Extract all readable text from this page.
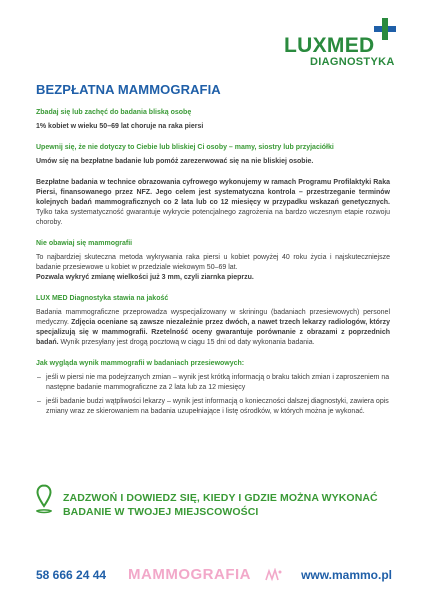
LUXMED
DIAGNOSTYKA
BEZPŁATNA MAMMOGRAFIA
Zbadaj się lub zachęć do badania bliską osobę

1% kobiet w wieku 50–69 lat choruje na raka piersi

Upewnij się, że nie dotyczy to Ciebie lub bliskiej Ci osoby – mamy, siostry lub przyjaciółki

Umów się na bezpłatne badanie lub pomóż zarezerwować się na nie bliskiej osobie.

Bezpłatne badania w technice obrazowania cyfrowego wykonujemy w ramach Programu Profilaktyki Raka Piersi, finansowanego przez NFZ. Jego celem jest systematyczna kontrola – przestrzeganie terminów kolejnych badań mammograficznych co 2 lata lub co 12 miesięcy w przypadku wskazań genetycznych. Tylko taka systematyczność gwarantuje wykrycie potencjalnego zagrożenia na bardzo wczesnym etapie rozwoju choroby.

Nie obawiaj się mammografii

To najbardziej skuteczna metoda wykrywania raka piersi u kobiet powyżej 40 roku życia i najskuteczniejsze badanie przesiewowe u kobiet w przedziale wiekowym 50–69 lat.

Pozwala wykryć zmianę wielkości już 3 mm, czyli ziarnka pieprzu.

LUX MED Diagnostyka stawia na jakość

Badania mammograficzne przeprowadza wyspecjalizowany w skriningu (badaniach przesiewowych) personel medyczny. Zdjęcia oceniane są zawsze niezależnie przez dwóch, a nawet trzech lekarzy radiologów, którzy specjalizują się w mammografii. Rzetelność oceny gwarantuje porównanie z obrazami z poprzednich badań. Wynik przesyłany jest drogą pocztową w ciągu 15 dni od daty wykonania badania.

Jak wygląda wynik mammografii w badaniach przesiewowych:
– jeśli w piersi nie ma podejrzanych zmian – wynik jest krótką informacją o braku takich zmian i zaproszeniem na następne badanie mammograficzne za 2 lata lub za 12 miesięcy
– jeśli badanie budzi wątpliwości lekarzy – wynik jest informacją o konieczności dalszej diagnostyki, zawiera opis zmiany wraz ze skierowaniem na badania uzupełniające i listę ośrodków, w których można je wykonać.
ZADZWOŃ I DOWIEDZ SIĘ, KIEDY I GDZIE MOŻNA WYKONAĆ BADANIE W TWOJEJ MIEJSCOWOŚCI
58 666 24 44 MAMMOGRAFIA	www.mammo.pl
